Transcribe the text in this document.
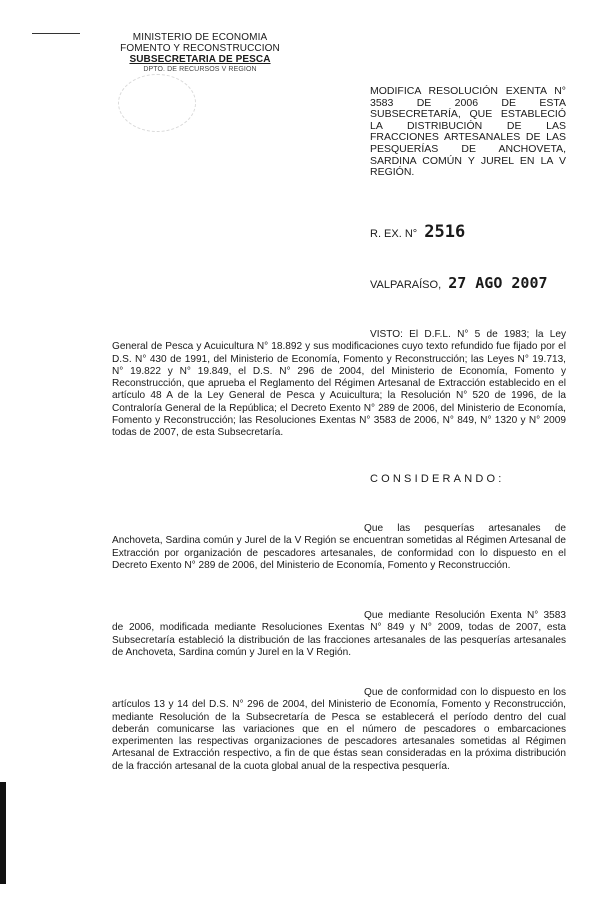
MINISTERIO DE ECONOMIA
FOMENTO Y RECONSTRUCCION
SUBSECRETARIA DE PESCA
DPTO. DE RECURSOS V REGION
MODIFICA RESOLUCIÓN EXENTA N° 3583 DE 2006 DE ESTA SUBSECRETARÍA, QUE ESTABLECIÓ LA DISTRIBUCIÓN DE LAS FRACCIONES ARTESANALES DE LAS PESQUERÍAS DE ANCHOVETA, SARDINA COMÚN Y JUREL EN LA V REGIÓN.
R. EX. N° 2516
VALPARAÍSO, 27 AGO 2007
VISTO: El D.F.L. N° 5 de 1983; la Ley General de Pesca y Acuicultura N° 18.892 y sus modificaciones cuyo texto refundido fue fijado por el D.S. N° 430 de 1991, del Ministerio de Economía, Fomento y Reconstrucción; las Leyes N° 19.713, N° 19.822 y N° 19.849, el D.S. N° 296 de 2004, del Ministerio de Economía, Fomento y Reconstrucción, que aprueba el Reglamento del Régimen Artesanal de Extracción establecido en el artículo 48 A de la Ley General de Pesca y Acuicultura; la Resolución N° 520 de 1996, de la Contraloría General de la República; el Decreto Exento N° 289 de 2006, del Ministerio de Economía, Fomento y Reconstrucción; las Resoluciones Exentas N° 3583 de 2006, N° 849, N° 1320 y N° 2009 todas de 2007, de esta Subsecretaría.
CONSIDERANDO:
Que las pesquerías artesanales de Anchoveta, Sardina común y Jurel de la V Región se encuentran sometidas al Régimen Artesanal de Extracción por organización de pescadores artesanales, de conformidad con lo dispuesto en el Decreto Exento N° 289 de 2006, del Ministerio de Economía, Fomento y Reconstrucción.
Que mediante Resolución Exenta N° 3583 de 2006, modificada mediante Resoluciones Exentas N° 849 y N° 2009, todas de 2007, esta Subsecretaría estableció la distribución de las fracciones artesanales de las pesquerías artesanales de Anchoveta, Sardina común y Jurel en la V Región.
Que de conformidad con lo dispuesto en los artículos 13 y 14 del D.S. N° 296 de 2004, del Ministerio de Economía, Fomento y Reconstrucción, mediante Resolución de la Subsecretaría de Pesca se establecerá el período dentro del cual deberán comunicarse las variaciones que en el número de pescadores o embarcaciones experimenten las respectivas organizaciones de pescadores artesanales sometidas al Régimen Artesanal de Extracción respectivo, a fin de que éstas sean consideradas en la próxima distribución de la fracción artesanal de la cuota global anual de la respectiva pesquería.
